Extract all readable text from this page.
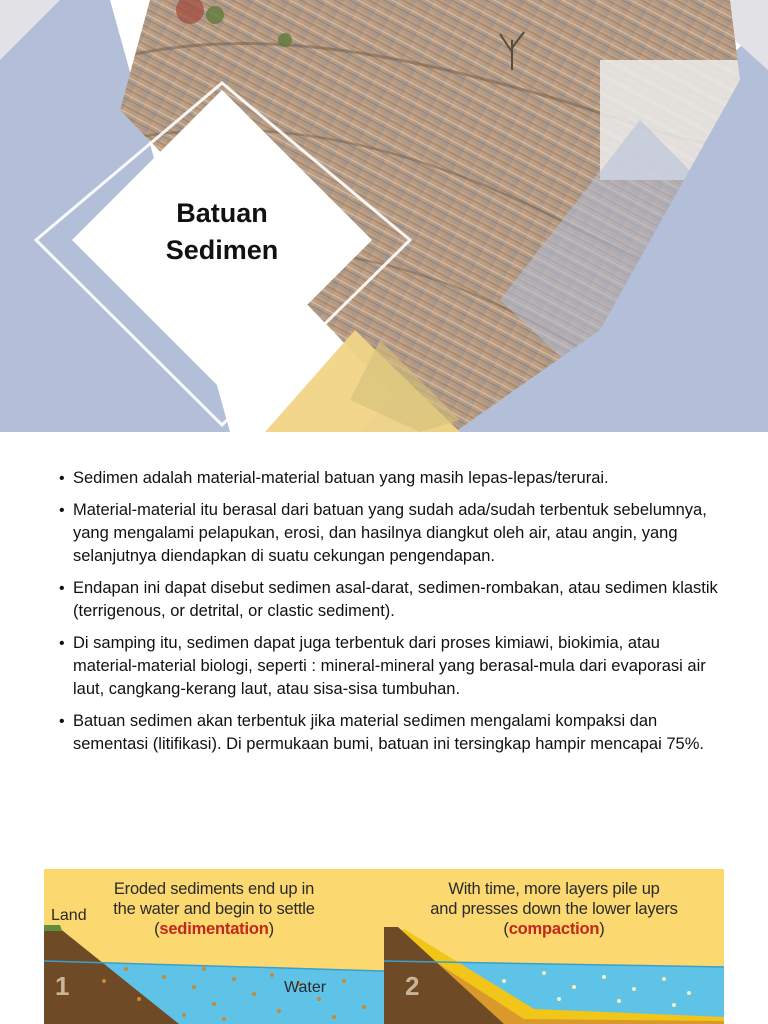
Batuan
Sedimen
• Sedimen adalah material-material batuan yang masih lepas-lepas/terurai.
• Material-material itu berasal dari batuan yang sudah ada/sudah terbentuk sebelumnya, yang mengalami pelapukan, erosi, dan hasilnya diangkut oleh air, atau angin, yang selanjutnya diendapkan di suatu cekungan pengendapan.
• Endapan ini dapat disebut sedimen asal-darat, sedimen-rombakan, atau sedimen klastik (terrigenous, or detrital, or clastic sediment).
• Di samping itu, sedimen dapat juga terbentuk dari proses kimiawi, biokimia, atau material-material biologi, seperti : mineral-mineral yang berasal-mula dari evaporasi air laut, cangkang-kerang laut, atau sisa-sisa tumbuhan.
• Batuan sedimen akan terbentuk jika material sedimen mengalami kompaksi dan sementasi (litifikasi). Di permukaan bumi, batuan ini tersingkap hampir mencapai 75%.
Land
Water
1
Eroded sediments end up in
the water and begin to settle
(sedimentation)
2
With time, more layers pile up
and presses down the lower layers
(compaction)
